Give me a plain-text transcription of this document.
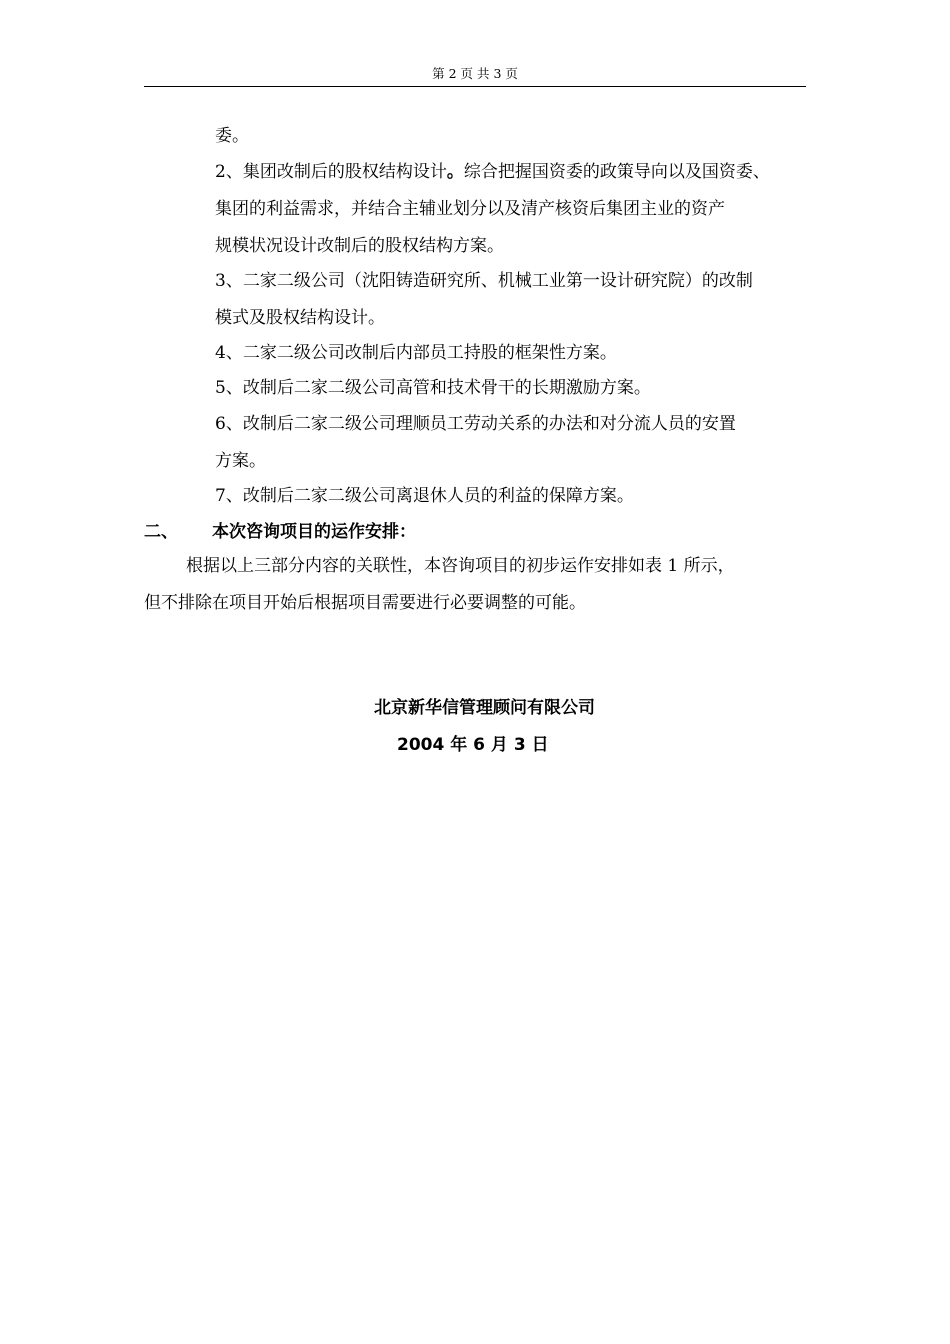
第 2 页 共 3 页
委。
2、集团改制后的股权结构设计。综合把握国资委的政策导向以及国资委、
集团的利益需求，并结合主辅业划分以及清产核资后集团主业的资产
规模状况设计改制后的股权结构方案。
3、二家二级公司（沈阳铸造研究所、机械工业第一设计研究院）的改制
模式及股权结构设计。
4、二家二级公司改制后内部员工持股的框架性方案。
5、改制后二家二级公司高管和技术骨干的长期激励方案。
6、改制后二家二级公司理顺员工劳动关系的办法和对分流人员的安置
方案。
7、改制后二家二级公司离退休人员的利益的保障方案。
二、 本次咨询项目的运作安排：
根据以上三部分内容的关联性，本咨询项目的初步运作安排如表 1 所示，
但不排除在项目开始后根据项目需要进行必要调整的可能。
北京新华信管理顾问有限公司
2004 年 6 月 3 日
